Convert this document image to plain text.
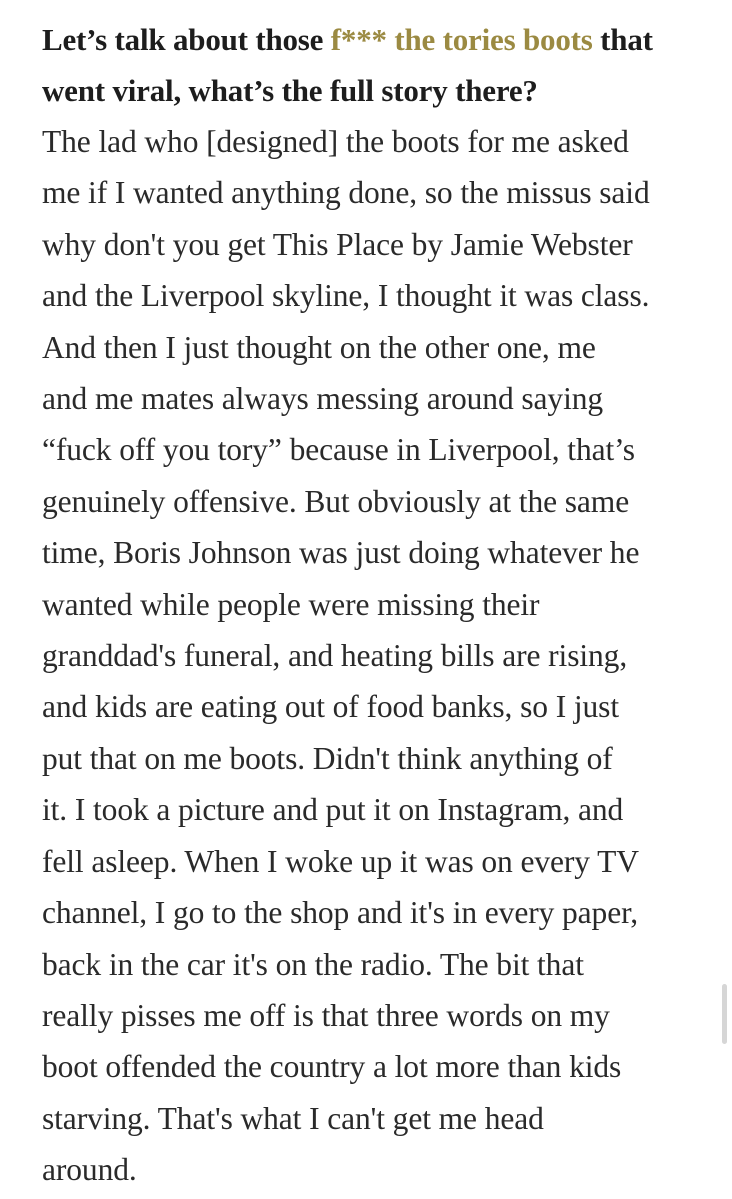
Let’s talk about those f*** the tories boots that went viral, what’s the full story there?

The lad who [designed] the boots for me asked
me if I wanted anything done, so the missus said
why don't you get This Place by Jamie Webster
and the Liverpool skyline, I thought it was class.
And then I just thought on the other one, me
and me mates always messing around saying
“fuck off you tory” because in Liverpool, that’s
genuinely offensive. But obviously at the same
time, Boris Johnson was just doing whatever he
wanted while people were missing their
granddad's funeral, and heating bills are rising,
and kids are eating out of food banks, so I just
put that on me boots. Didn't think anything of
it. I took a picture and put it on Instagram, and
fell asleep. When I woke up it was on every TV
channel, I go to the shop and it's in every paper,
back in the car it's on the radio. The bit that
really pisses me off is that three words on my
boot offended the country a lot more than kids
starving. That's what I can't get me head
around.
